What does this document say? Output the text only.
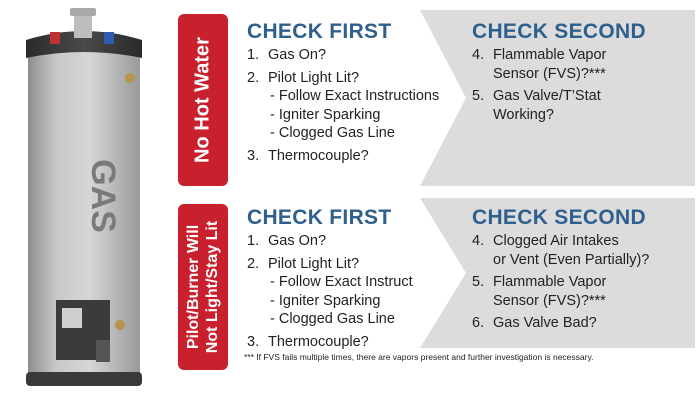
GAS
No Hot Water
CHECK FIRST	CHECK SECOND
1. Gas On?
2. Pilot Light Lit?
- Follow Exact Instructions
- Igniter Sparking
- Clogged Gas Line
3. Thermocouple?
4. Flammable Vapor
Sensor (FVS)?***
5. Gas Valve/T’Stat
Working?
Pilot/Burner Will Not Light/Stay Lit
CHECK FIRST	CHECK SECOND
1. Gas On?
2. Pilot Light Lit?
- Follow Exact Instruct
- Igniter Sparking
- Clogged Gas Line
3. Thermocouple?
4. Clogged Air Intakes
or Vent (Even Partially)?
5. Flammable Vapor
Sensor (FVS)?***
6. Gas Valve Bad?
*** If FVS fails multiple times, there are vapors present and further investigation is necessary.
